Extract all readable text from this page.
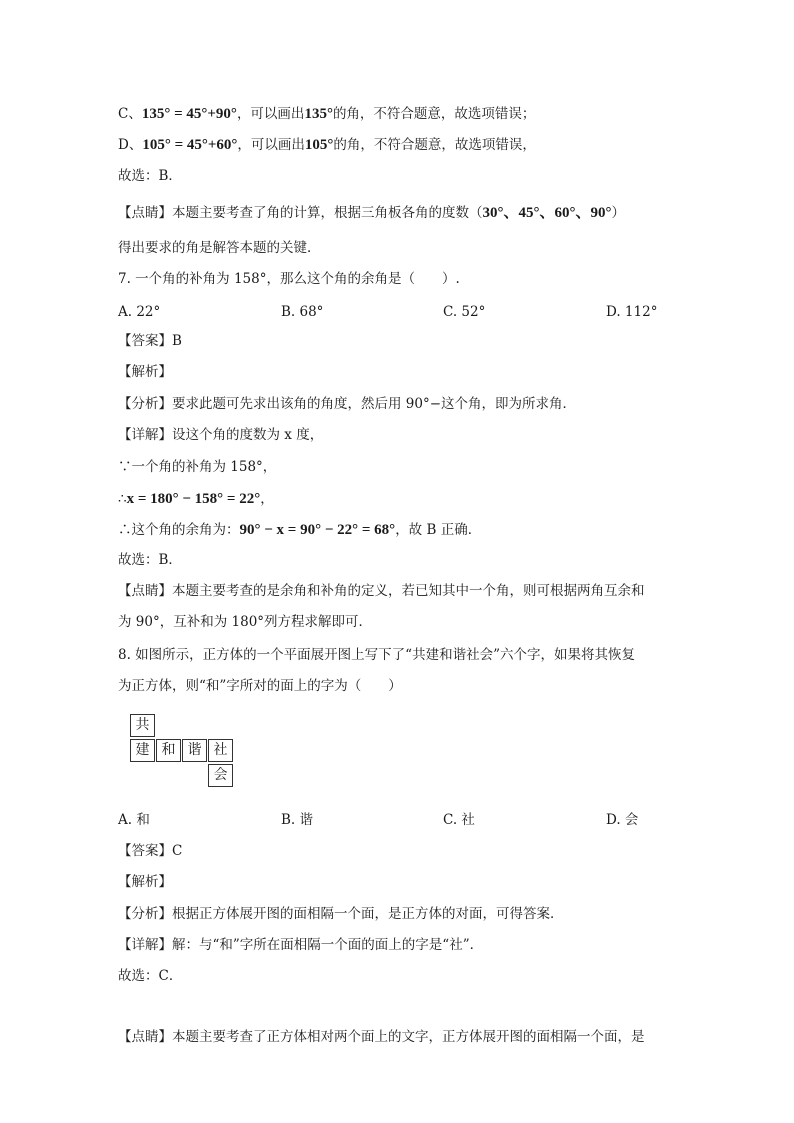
C、135° = 45°+90°，可以画出135°的角，不符合题意，故选项错误；
D、105° = 45°+60°，可以画出105°的角，不符合题意，故选项错误，
故选：B．
【点睛】本题主要考查了角的计算，根据三角板各角的度数（30°、45°、60°、90°）
得出要求的角是解答本题的关键．
7. 一个角的补角为 158°，那么这个角的余角是（　　）.
A. 22°	B. 68°	C. 52°	D. 112°
【答案】B
【解析】
【分析】要求此题可先求出该角的角度，然后用 90°−这个角，即为所求角．
【详解】设这个角的度数为 x 度，
∵一个角的补角为 158°，
∴x = 180° − 158° = 22°，
∴这个角的余角为：90° − x = 90° − 22° = 68°，故 B 正确．
故选：B．
【点睛】本题主要考查的是余角和补角的定义，若已知其中一个角，则可根据两角互余和
为 90°，互补和为 180°列方程求解即可．
8. 如图所示，正方体的一个平面展开图上写下了“共建和谐社会”六个字，如果将其恢复
为正方体，则“和”字所对的面上的字为（　　）
共
建 和 谐 社
会
A. 和	B. 谐	C. 社	D. 会
【答案】C
【解析】
【分析】根据正方体展开图的面相隔一个面，是正方体的对面，可得答案．
【详解】解：与“和”字所在面相隔一个面的面上的字是“社”．
故选：C．
【点睛】本题主要考查了正方体相对两个面上的文字，正方体展开图的面相隔一个面，是
